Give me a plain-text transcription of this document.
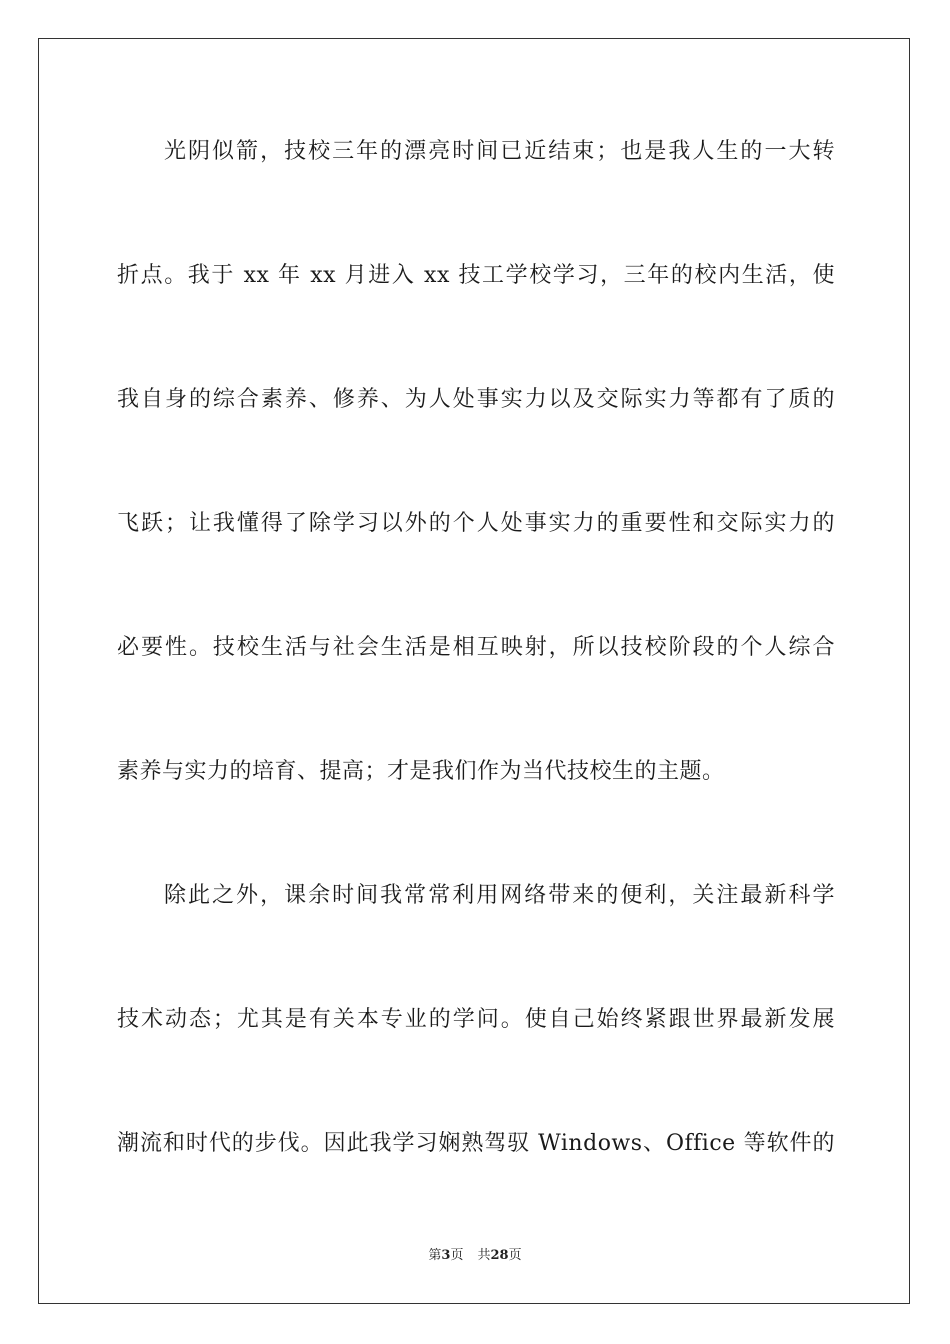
光阴似箭，技校三年的漂亮时间已近结束；也是我人生的一大转
折点。我于 xx 年 xx 月进入 xx 技工学校学习，三年的校内生活，使
我自身的综合素养、修养、为人处事实力以及交际实力等都有了质的
飞跃；让我懂得了除学习以外的个人处事实力的重要性和交际实力的
必要性。技校生活与社会生活是相互映射，所以技校阶段的个人综合
素养与实力的培育、提高；才是我们作为当代技校生的主题。
除此之外，课余时间我常常利用网络带来的便利，关注最新科学
技术动态；尤其是有关本专业的学问。使自己始终紧跟世界最新发展
潮流和时代的步伐。因此我学习娴熟驾驭 Windows、Office 等软件的
第3页 共28页
